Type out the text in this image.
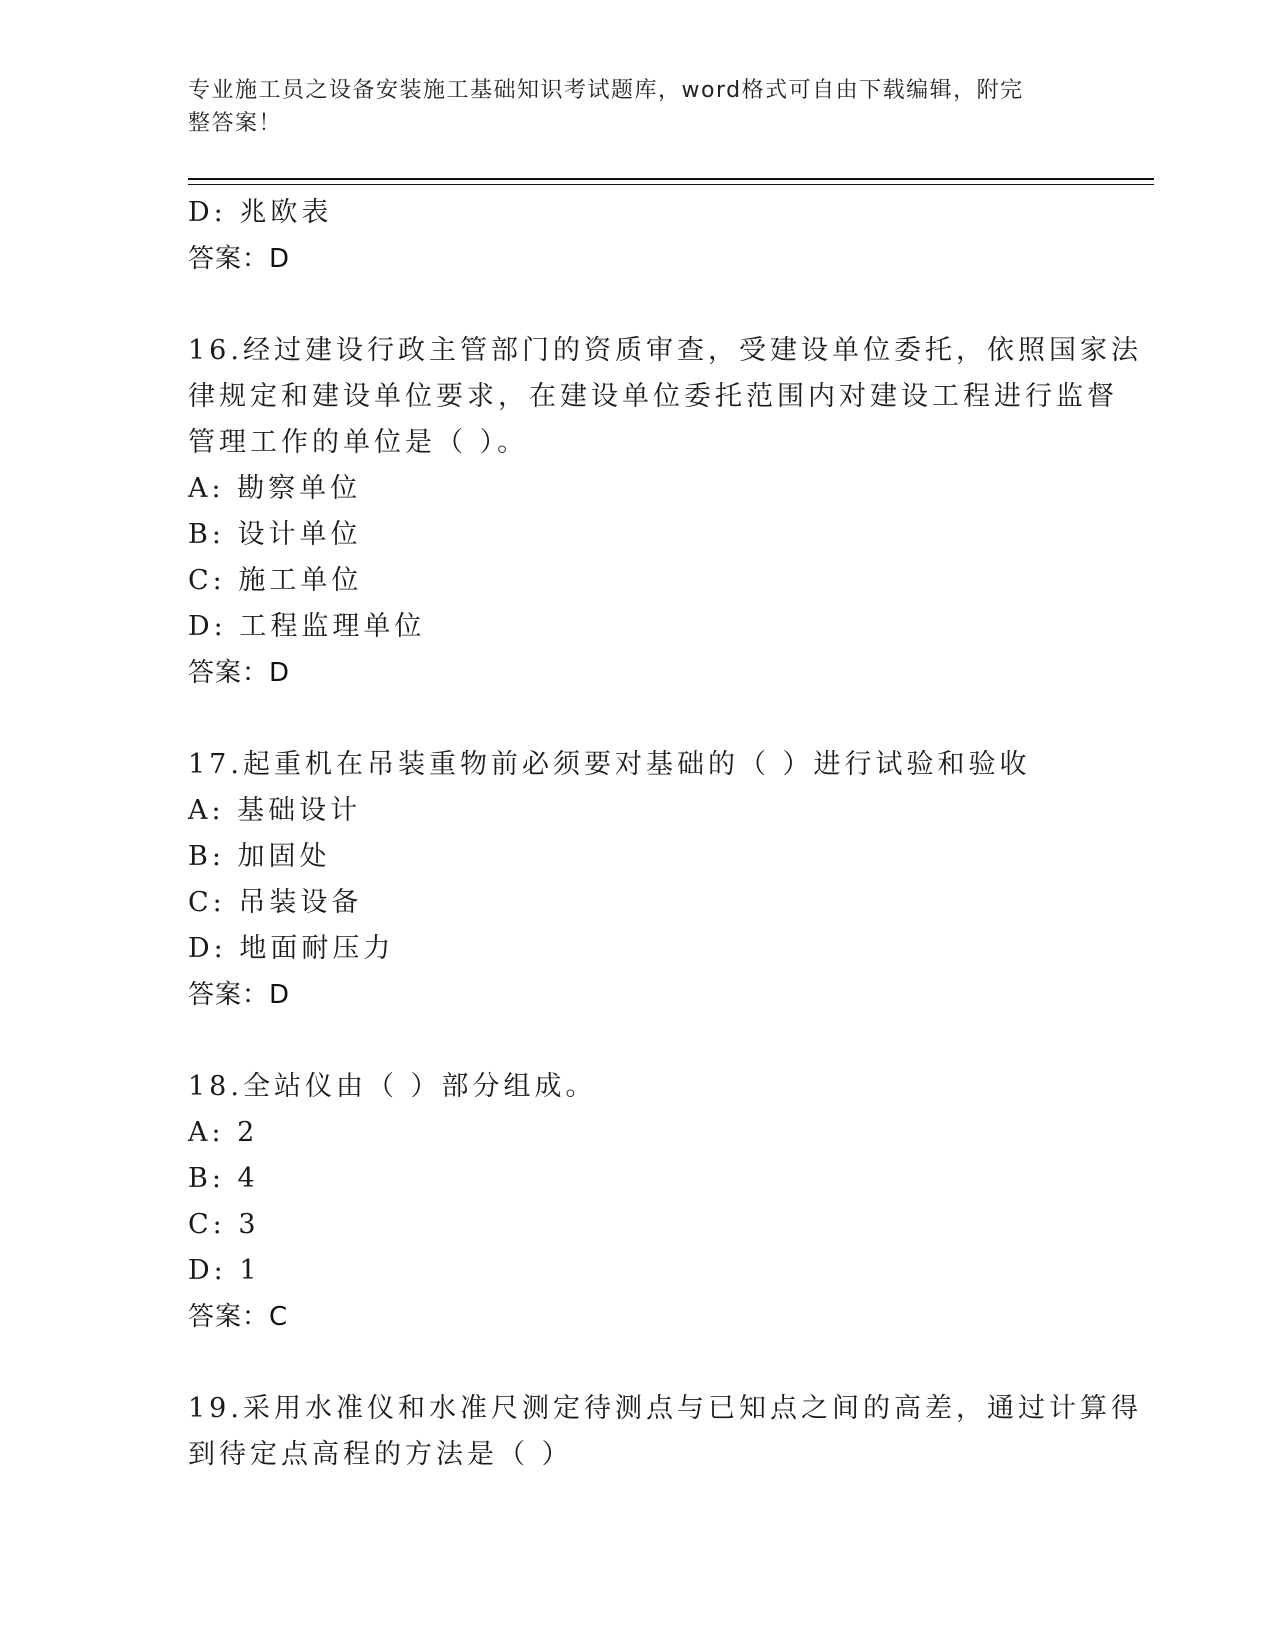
专业施工员之设备安装施工基础知识考试题库，word格式可自由下载编辑，附完
整答案！
D: 兆欧表
答案：D
16.经过建设行政主管部门的资质审查，受建设单位委托，依照国家法
律规定和建设单位要求，在建设单位委托范围内对建设工程进行监督
管理工作的单位是（ ）。
A: 勘察单位
B: 设计单位
C: 施工单位
D: 工程监理单位
答案：D
17.起重机在吊装重物前必须要对基础的（ ）进行试验和验收
A: 基础设计
B: 加固处
C: 吊装设备
D: 地面耐压力
答案：D
18.全站仪由（ ）部分组成。
A: 2
B: 4
C: 3
D: 1
答案：C
19.采用水准仪和水准尺测定待测点与已知点之间的高差，通过计算得
到待定点高程的方法是（ ）
